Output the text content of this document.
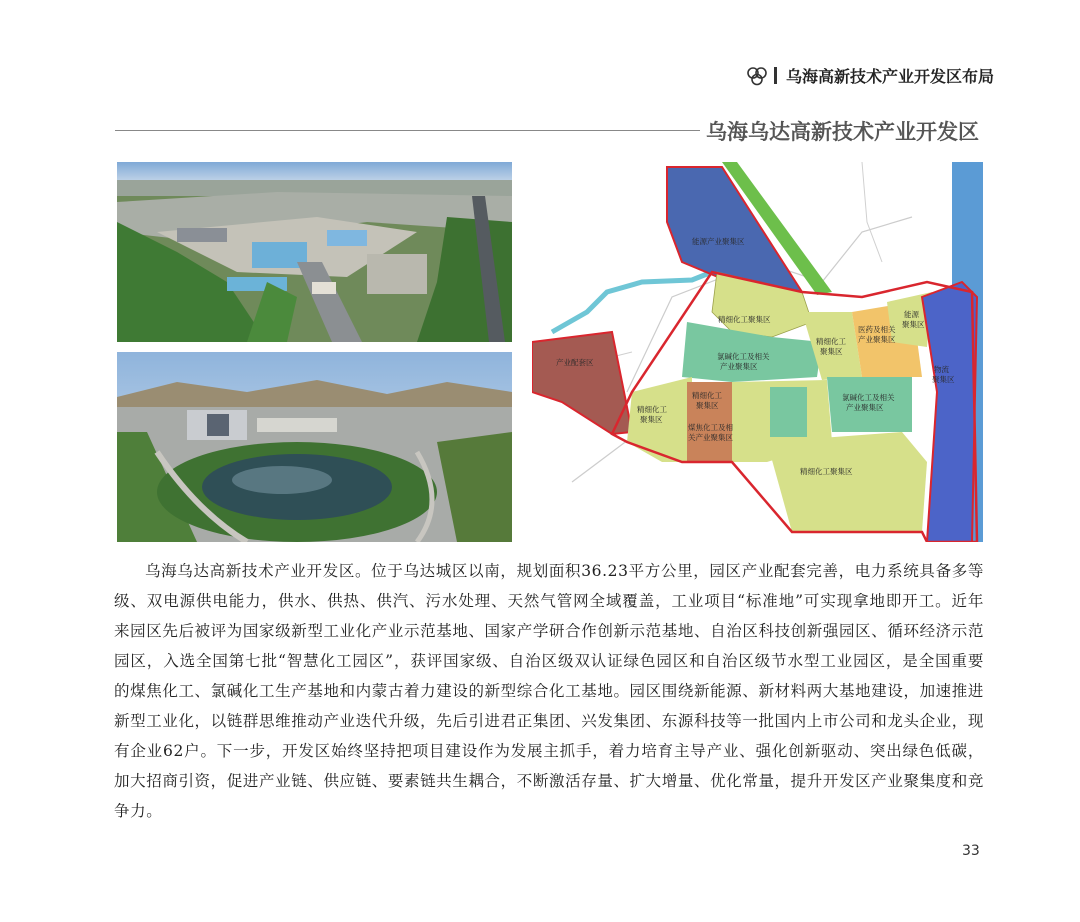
乌海高新技术产业开发区布局
乌海乌达高新技术产业开发区
能源产业聚集区
精细化工聚集区
氯碱化工及相关
产业聚集区
精细化工
聚集区
医药及相关
产业聚集区
能源
聚集区
产业配套区
物流
聚集区
精细化工
聚集区
精细化工
聚集区
煤焦化工及相
关产业聚集区
氯碱化工及相关
产业聚集区
精细化工聚集区

乌海乌达高新技术产业开发区。位于乌达城区以南，规划面积36.23平方公里，园区产业配套完善，电力系统具备多等级、双电源供电能力，供水、供热、供汽、污水处理、天然气管网全域覆盖，工业项目“标准地”可实现拿地即开工。近年来园区先后被评为国家级新型工业化产业示范基地、国家产学研合作创新示范基地、自治区科技创新强园区、循环经济示范园区，入选全国第七批“智慧化工园区”，获评国家级、自治区级双认证绿色园区和自治区级节水型工业园区，是全国重要的煤焦化工、氯碱化工生产基地和内蒙古着力建设的新型综合化工基地。园区围绕新能源、新材料两大基地建设，加速推进新型工业化，以链群思维推动产业迭代升级，先后引进君正集团、兴发集团、东源科技等一批国内上市公司和龙头企业，现有企业62户。下一步，开发区始终坚持把项目建设作为发展主抓手，着力培育主导产业、强化创新驱动、突出绿色低碳，加大招商引资，促进产业链、供应链、要素链共生耦合，不断激活存量、扩大增量、优化常量，提升开发区产业聚集度和竞争力。

33
